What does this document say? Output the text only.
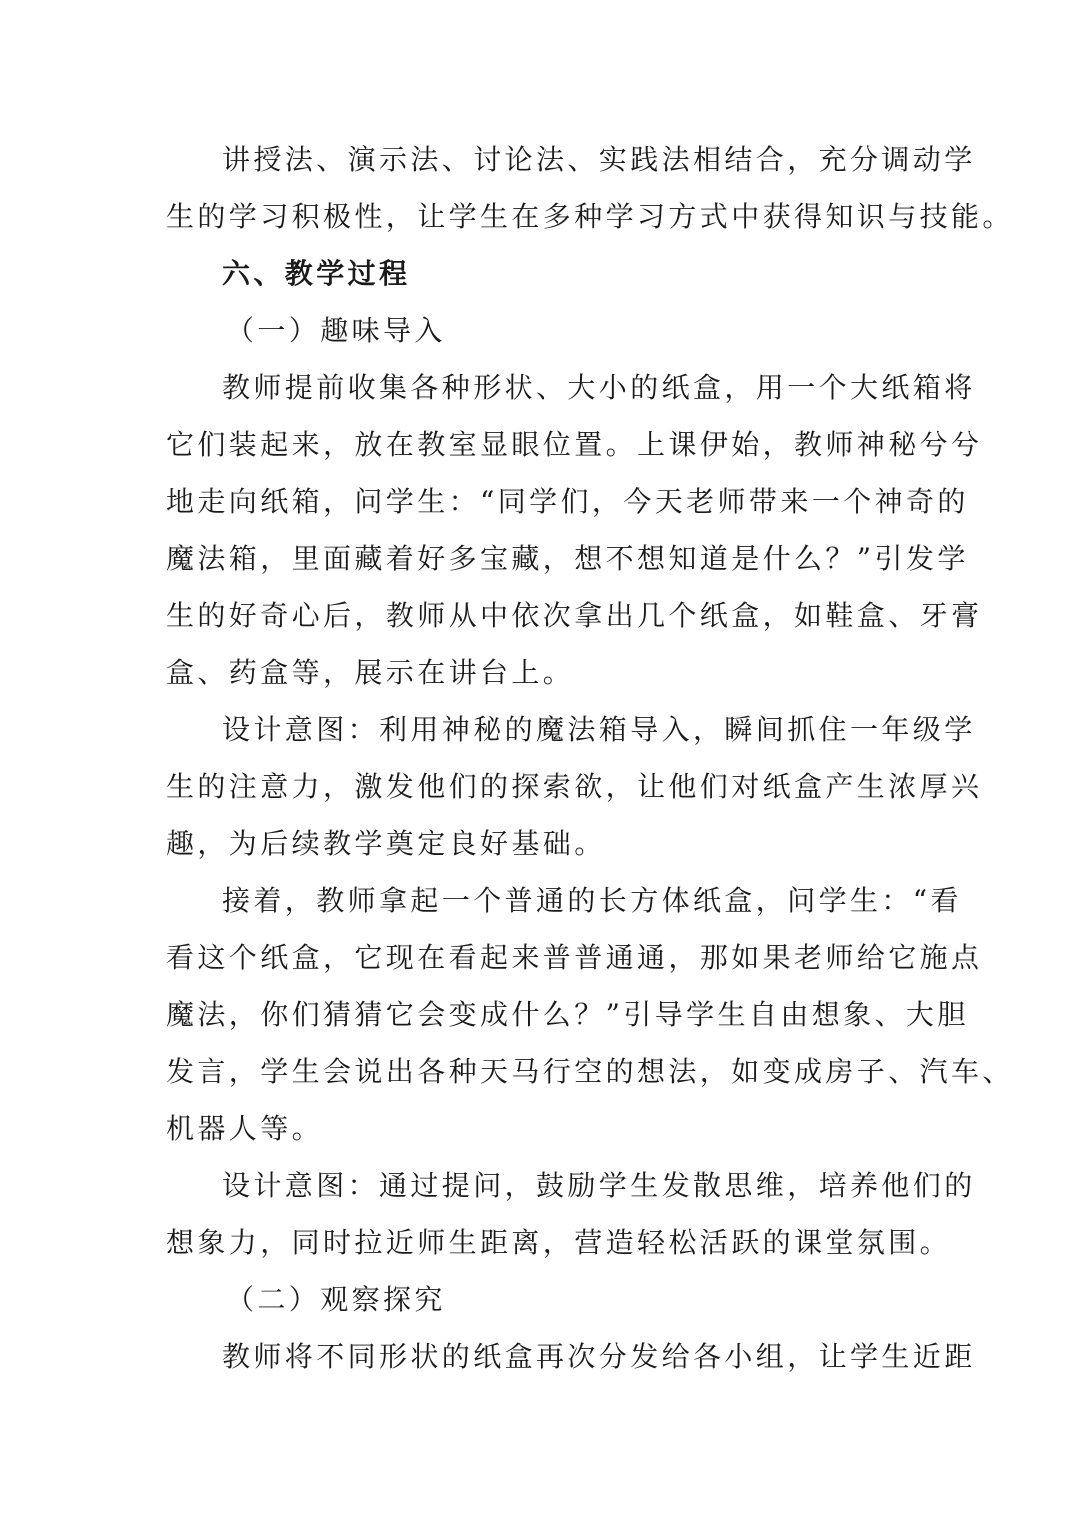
讲授法、演示法、讨论法、实践法相结合，充分调动学
生的学习积极性，让学生在多种学习方式中获得知识与技能。
六、教学过程
（一）趣味导入
教师提前收集各种形状、大小的纸盒，用一个大纸箱将
它们装起来，放在教室显眼位置。上课伊始，教师神秘兮兮
地走向纸箱，问学生：“同学们，今天老师带来一个神奇的
魔法箱，里面藏着好多宝藏，想不想知道是什么？”引发学
生的好奇心后，教师从中依次拿出几个纸盒，如鞋盒、牙膏
盒、药盒等，展示在讲台上。
设计意图：利用神秘的魔法箱导入，瞬间抓住一年级学
生的注意力，激发他们的探索欲，让他们对纸盒产生浓厚兴
趣，为后续教学奠定良好基础。
接着，教师拿起一个普通的长方体纸盒，问学生：“看
看这个纸盒，它现在看起来普普通通，那如果老师给它施点
魔法，你们猜猜它会变成什么？”引导学生自由想象、大胆
发言，学生会说出各种天马行空的想法，如变成房子、汽车、
机器人等。
设计意图：通过提问，鼓励学生发散思维，培养他们的
想象力，同时拉近师生距离，营造轻松活跃的课堂氛围。
（二）观察探究
教师将不同形状的纸盒再次分发给各小组，让学生近距
